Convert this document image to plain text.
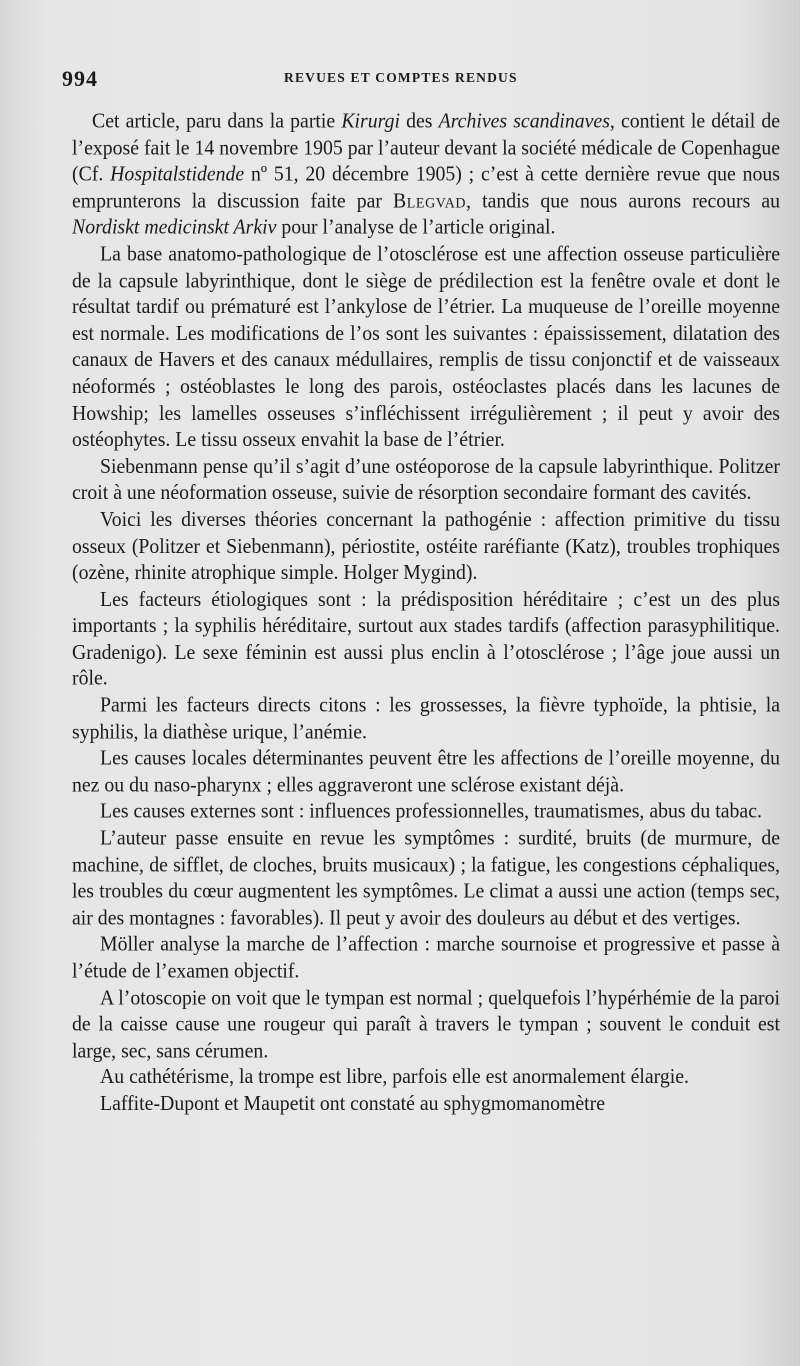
994	REVUES ET COMPTES RENDUS

Cet article, paru dans la partie Kirurgi des Archives scandinaves, contient le détail de l’exposé fait le 14 novembre 1905 par l’auteur devant la société médicale de Copenhague (Cf. Hospitalstidende nº 51, 20 décembre 1905) ; c’est à cette dernière revue que nous emprunterons la discussion faite par Blegvad, tandis que nous aurons recours au Nordiskt medicinskt Arkiv pour l’analyse de l’article original.

La base anatomo-pathologique de l’otosclérose est une affection osseuse particulière de la capsule labyrinthique, dont le siège de prédilection est la fenêtre ovale et dont le résultat tardif ou prématuré est l’ankylose de l’étrier. La muqueuse de l’oreille moyenne est normale. Les modifications de l’os sont les suivantes : épaississement, dilatation des canaux de Havers et des canaux médullaires, remplis de tissu conjonctif et de vaisseaux néoformés ; ostéoblastes le long des parois, ostéoclastes placés dans les lacunes de Howship; les lamelles osseuses s’infléchissent irrégulièrement ; il peut y avoir des ostéophytes. Le tissu osseux envahit la base de l’étrier.

Siebenmann pense qu’il s’agit d’une ostéoporose de la capsule labyrinthique. Politzer croit à une néoformation osseuse, suivie de résorption secondaire formant des cavités.

Voici les diverses théories concernant la pathogénie : affection primitive du tissu osseux (Politzer et Siebenmann), périostite, ostéite raréfiante (Katz), troubles trophiques (ozène, rhinite atrophique simple. Holger Mygind).

Les facteurs étiologiques sont : la prédisposition héréditaire ; c’est un des plus importants ; la syphilis héréditaire, surtout aux stades tardifs (affection parasyphilitique. Gradenigo). Le sexe féminin est aussi plus enclin à l’otosclérose ; l’âge joue aussi un rôle.

Parmi les facteurs directs citons : les grossesses, la fièvre typhoïde, la phtisie, la syphilis, la diathèse urique, l’anémie.

Les causes locales déterminantes peuvent être les affections de l’oreille moyenne, du nez ou du naso-pharynx ; elles aggraveront une sclérose existant déjà.

Les causes externes sont : influences professionnelles, traumatismes, abus du tabac.

L’auteur passe ensuite en revue les symptômes : surdité, bruits (de murmure, de machine, de sifflet, de cloches, bruits musicaux) ; la fatigue, les congestions céphaliques, les troubles du cœur augmentent les symptômes. Le climat a aussi une action (temps sec, air des montagnes : favorables). Il peut y avoir des douleurs au début et des vertiges.

Möller analyse la marche de l’affection : marche sournoise et progressive et passe à l’étude de l’examen objectif.

A l’otoscopie on voit que le tympan est normal ; quelquefois l’hypérhémie de la paroi de la caisse cause une rougeur qui paraît à travers le tympan ; souvent le conduit est large, sec, sans cérumen.

Au cathétérisme, la trompe est libre, parfois elle est anormalement élargie.

Laffite-Dupont et Maupetit ont constaté au sphygmomanomètre
